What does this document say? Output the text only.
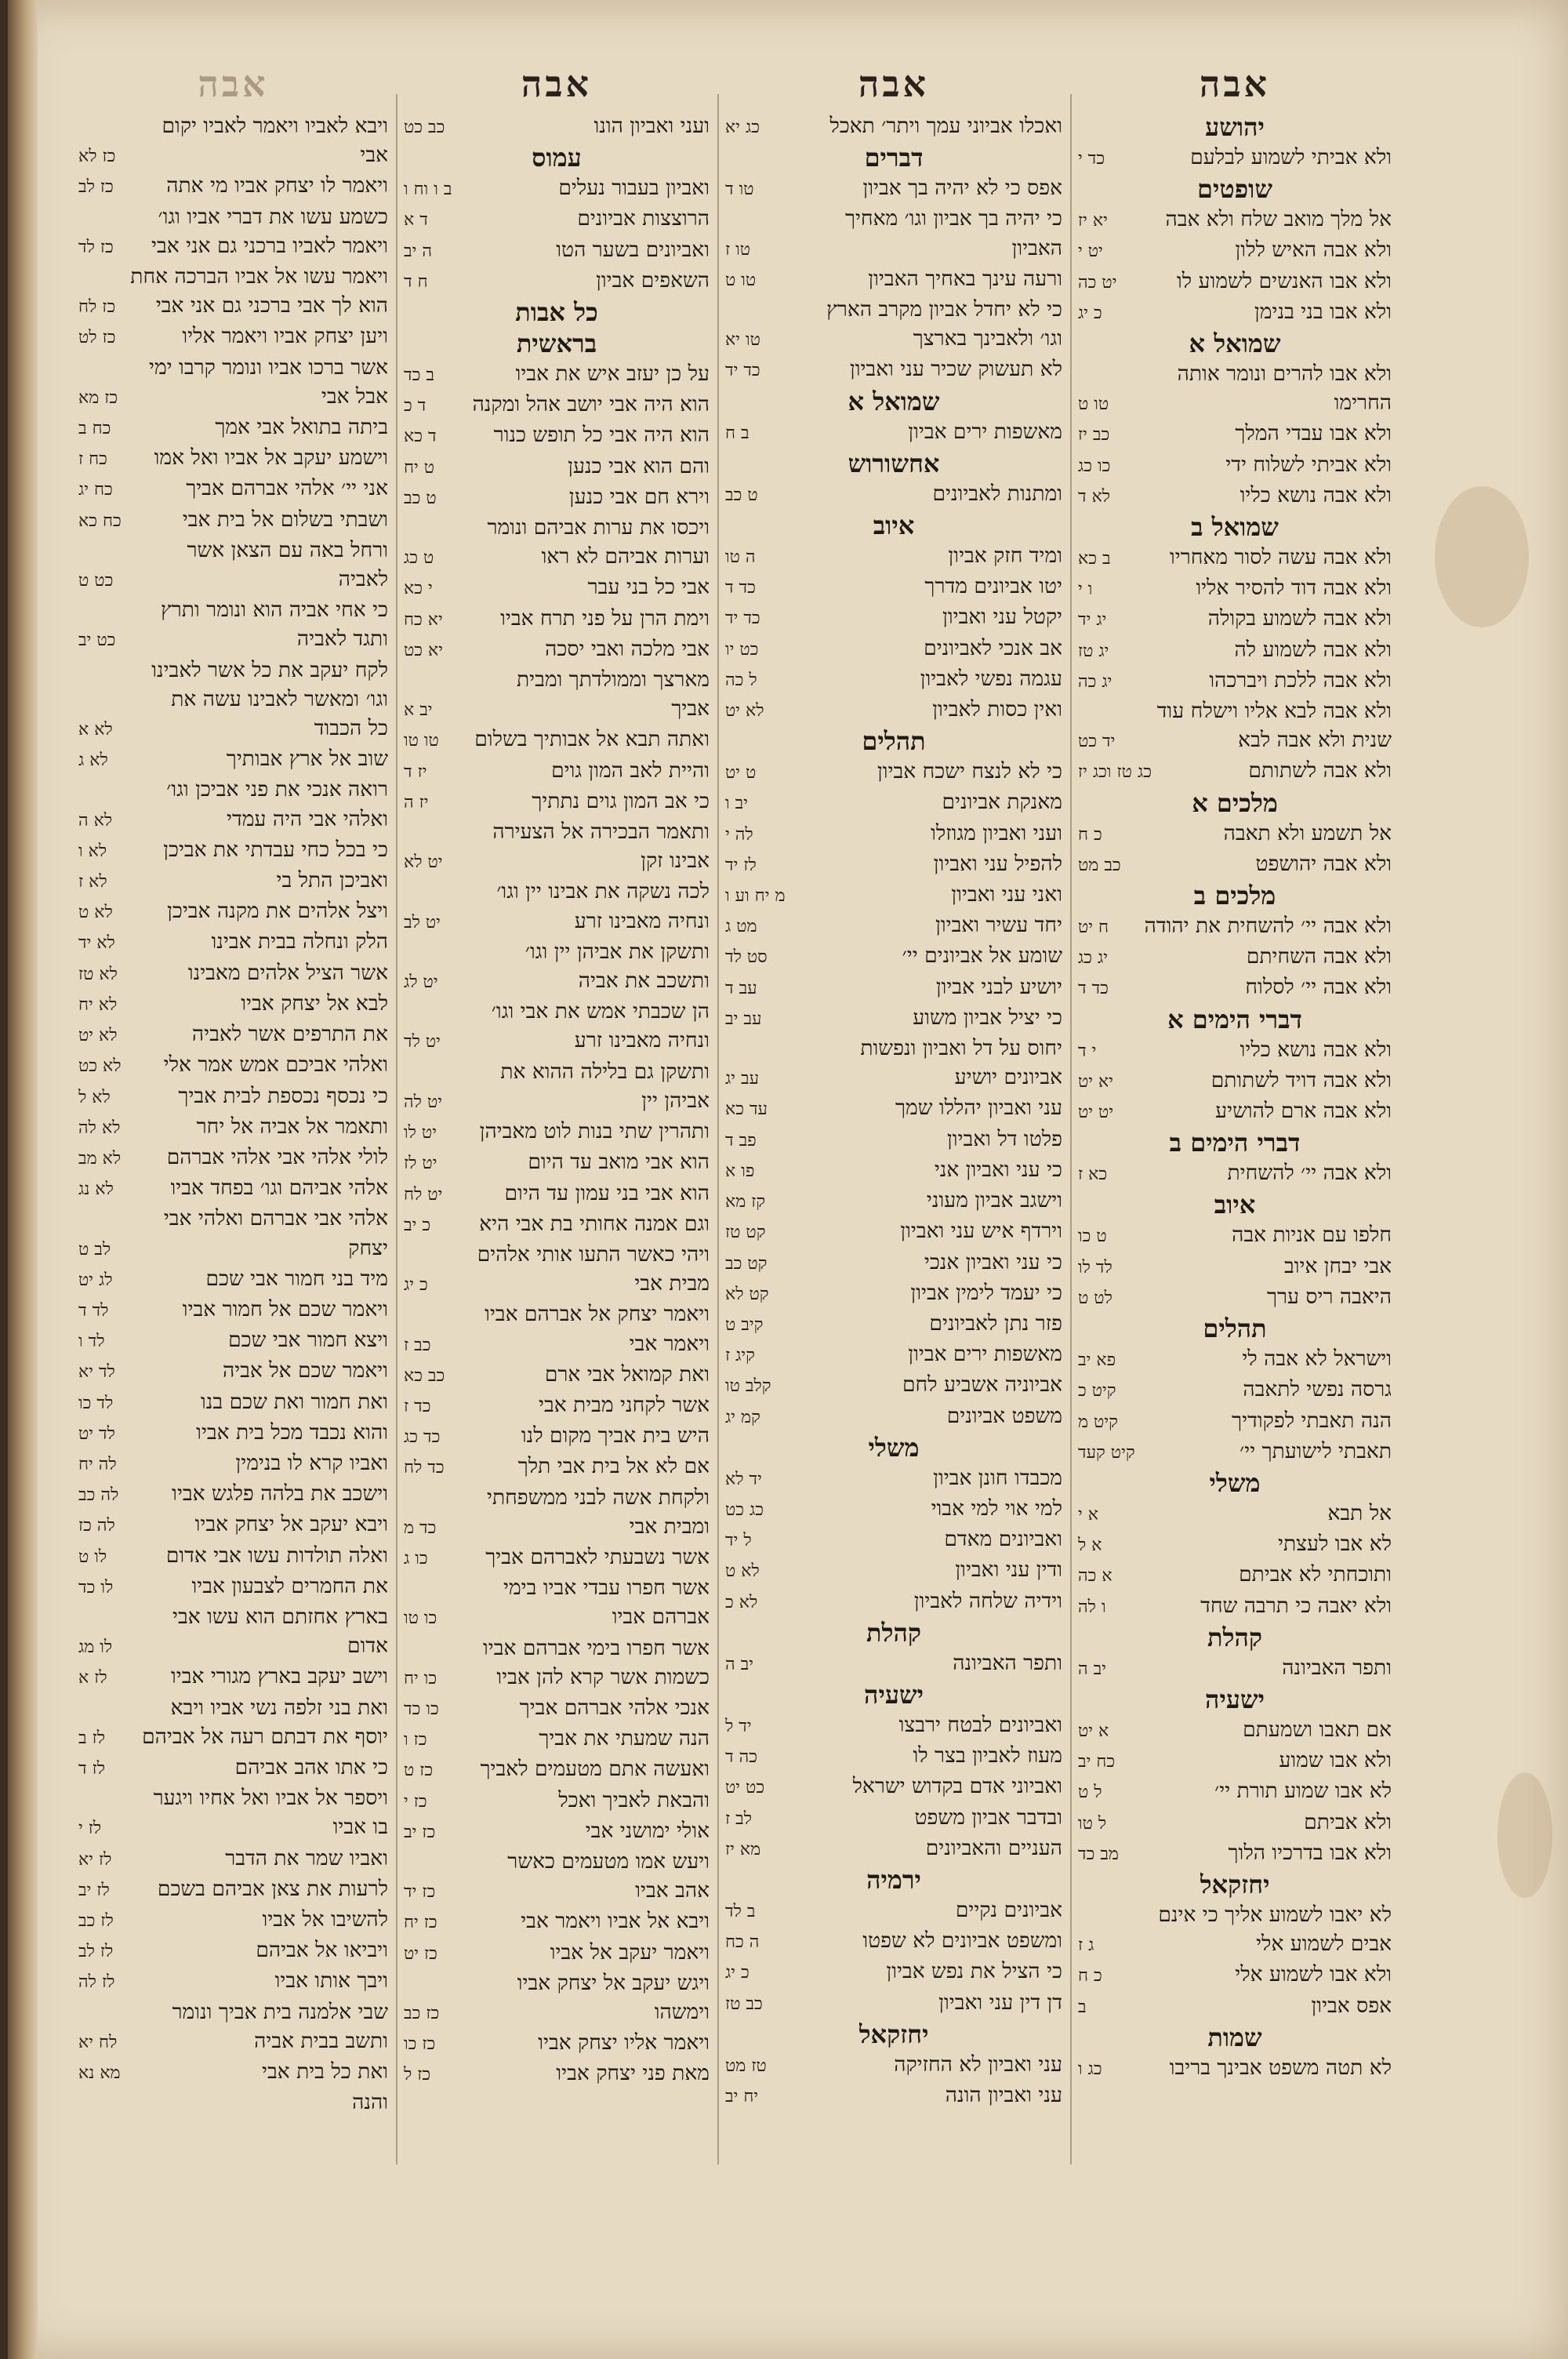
אבה
יהושע
ולא אביתי לשמוע לבלעם
כד י
שופטים
אל מלך מואב שלח ולא אבה
יא יז
ולא אבה האיש ללון
יט י
ולא אבו האנשים לשמוע לו
יט כה
ולא אבו בני בנימן
כ יג
שמואל א
ולא אבו להרים ונומר אותה
החרימו
טו ט
ולא אבו עבדי המלך
כב יז
ולא אביתי לשלוח ידי
כו כג
ולא אבה נושא כליו
לא ד
שמואל ב
ולא אבה עשה לסור מאחריו
ב כא
ולא אבה דוד להסיר אליו
ו י
ולא אבה לשמוע בקולה
יג יד
ולא אבה לשמוע לה
יג טז
ולא אבה ללכת ויברכהו
יג כה
ולא אבה לבא אליו וישלח עוד
שנית ולא אבה לבא
יד כט
ולא אבה לשתותם
כג טז וכג יז
מלכים א
אל תשמע ולא תאבה
כ ח
ולא אבה יהושפט
כב מט
מלכים ב
ולא אבה יי׳ להשחית את יהודה
ח יט
ולא אבה השחיתם
יג כג
ולא אבה יי׳ לסלוח
כד ד
דברי הימים א
ולא אבה נושא כליו
י ד
ולא אבה דויד לשתותם
יא יט
ולא אבה ארם להושיע
יט יט
דברי הימים ב
ולא אבה יי׳ להשחית
כא ז
איוב
חלפו עם אניות אבה
ט כו
אבי יבחן איוב
לד לו
היאבה ריס ערך
לט ט
תהלים
וישראל לא אבה לי
פא יב
גרסה נפשי לתאבה
קיט כ
הנה תאבתי לפקודיך
קיט מ
תאבתי לישועתך יי׳
קיט קעד
משלי
אל תבא
א י
לא אבו לעצתי
א ל
ותוכחתי לא אביתם
א כה
ולא יאבה כי תרבה שחד
ו לה
קהלת
ותפר האביונה
יב ה
ישעיה
אם תאבו ושמעתם
א יט
ולא אבו שמוע
כח יב
לא אבו שמוע תורת יי׳
ל ט
ולא אביתם
ל טו
ולא אבו בדרכיו הלוך
מב כד
יחזקאל
לא יאבו לשמוע אליך כי אינם
אבים לשמוע אלי
ג ז
ולא אבו לשמוע אלי
כ ח
אפס אביון
ב
שמות
לא תטה משפט אבינך בריבו
כג ו
אבה
ואכלו אביוני עמך ויתר׳ תאכל
כג יא
דברים
אפס כי לא יהיה בך אביון
טו ד
כי יהיה בך אביון וגו׳ מאחיך
האביון
טו ז
ורעה עינך באחיך האביון
טו ט
כי לא יחדל אביון מקרב הארץ
וגו׳ ולאבינך בארצך
טו יא
לא תעשוק שכיר עני ואביון
כד יד
שמואל א
מאשפות ירים אביון
ב ח
אחשורוש
ומתנות לאביונים
ט כב
איוב
ומיד חזק אביון
ה טו
יטו אביונים מדרך
כד ד
יקטל עני ואביון
כד יד
אב אנכי לאביונים
כט יו
עגמה נפשי לאביון
ל כה
ואין כסות לאביון
לא יט
תהלים
כי לא לנצח ישכח אביון
ט יט
מאנקת אביונים
יב ו
ועני ואביון מגוזלו
לה י
להפיל עני ואביון
לז יד
ואני עני ואביון
מ יח וע ו
יחד עשיר ואביון
מט ג
שומע אל אביונים יי׳
סט לד
יושיע לבני אביון
עב ד
כי יציל אביון משוע
עב יב
יחוס על דל ואביון ונפשות
אביונים יושיע
עב יג
עני ואביון יהללו שמך
עד כא
פלטו דל ואביון
פב ד
כי עני ואביון אני
פו א
וישגב אביון מעוני
קז מא
וירדף איש עני ואביון
קט טז
כי עני ואביון אנכי
קט כב
כי יעמד לימין אביון
קט לא
פזר נתן לאביונים
קיב ט
מאשפות ירים אביון
קיג ז
אביוניה אשביע לחם
קלב טו
משפט אביונים
קמ יג
משלי
מכבדו חונן אביון
יד לא
למי אוי למי אבוי
כג כט
ואביונים מאדם
ל יד
ודין עני ואביון
לא ט
וידיה שלחה לאביון
לא כ
קהלת
ותפר האביונה
יב ה
ישעיה
ואביונים לבטח ירבצו
יד ל
מעוז לאביון בצר לו
כה ד
ואביוני אדם בקדוש ישראל
כט יט
ובדבר אביון משפט
לב ז
העניים והאביונים
מא יז
ירמיה
אביונים נקיים
ב לד
ומשפט אביונים לא שפטו
ה כח
כי הציל את נפש אביון
כ יג
דן דין עני ואביון
כב טז
יחזקאל
עני ואביון לא החזיקה
טז מט
עני ואביון הונה
יח יב
אבה
ועני ואביון הונו
כב כט
עמוס
ואביון בעבור נעלים
ב ו וח ו
הרוצצות אביונים
ד א
ואביונים בשער הטו
ה יב
השאפים אביון
ח ד
כל אבות
בראשית
על כן יעזב איש את אביו
ב כד
הוא היה אבי יושב אהל ומקנה
ד כ
הוא היה אבי כל תופש כנור
ד כא
והם הוא אבי כנען
ט יח
וירא חם אבי כנען
ט כב
ויכסו את ערות אביהם ונומר
וערות אביהם לא ראו
ט כג
אבי כל בני עבר
י כא
וימת הרן על פני תרח אביו
יא כח
אבי מלכה ואבי יסכה
יא כט
מארצך וממולדתך ומבית
אביך
יב א
ואתה תבא אל אבותיך בשלום
טו טו
והיית לאב המון גוים
יז ד
כי אב המון גוים נתתיך
יז ה
ותאמר הבכירה אל הצעירה
אבינו זקן
יט לא
לכה נשקה את אבינו יין וגו׳
ונחיה מאבינו זרע
יט לב
ותשקן את אביהן יין וגו׳
ותשכב את אביה
יט לג
הן שכבתי אמש את אבי וגו׳
ונחיה מאבינו זרע
יט לד
ותשקן גם בלילה ההוא את
אביהן יין
יט לה
ותהרין שתי בנות לוט מאביהן
יט לו
הוא אבי מואב עד היום
יט לז
הוא אבי בני עמון עד היום
יט לח
וגם אמנה אחותי בת אבי היא
כ יב
ויהי כאשר התעו אותי אלהים
מבית אבי
כ יג
ויאמר יצחק אל אברהם אביו
ויאמר אבי
כב ז
ואת קמואל אבי ארם
כב כא
אשר לקחני מבית אבי
כד ז
היש בית אביך מקום לנו
כד כג
אם לא אל בית אבי תלך
כד לח
ולקחת אשה לבני ממשפחתי
ומבית אבי
כד מ
אשר נשבעתי לאברהם אביך
כו ג
אשר חפרו עבדי אביו בימי
אברהם אביו
כו טו
אשר חפרו בימי אברהם אביו
כשמות אשר קרא להן אביו
כו יח
אנכי אלהי אברהם אביך
כו כד
הנה שמעתי את אביך
כז ו
ואעשה אתם מטעמים לאביך
כז ט
והבאת לאביך ואכל
כז י
אולי ימושני אבי
כז יב
ויעש אמו מטעמים כאשר
אהב אביו
כז יד
ויבא אל אביו ויאמר אבי
כז יח
ויאמר יעקב אל אביו
כז יט
ויגש יעקב אל יצחק אביו
וימשהו
כז כב
ויאמר אליו יצחק אביו
כז כו
מאת פני יצחק אביו
כז ל
אבה
ויבא לאביו ויאמר לאביו יקום
אבי
כז לא
ויאמר לו יצחק אביו מי אתה
כז לב
כשמע עשו את דברי אביו וגו׳
ויאמר לאביו ברכני גם אני אבי
כז לד
ויאמר עשו אל אביו הברכה אחת
הוא לך אבי ברכני גם אני אבי
כז לח
ויען יצחק אביו ויאמר אליו
כז לט
אשר ברכו אביו ונומר קרבו ימי
אבל אבי
כז מא
ביתה בתואל אבי אמך
כח ב
וישמע יעקב אל אביו ואל אמו
כח ז
אני יי׳ אלהי אברהם אביך
כח יג
ושבתי בשלום אל בית אבי
כח כא
ורחל באה עם הצאן אשר
לאביה
כט ט
כי אחי אביה הוא ונומר ותרץ
ותגד לאביה
כט יב
לקח יעקב את כל אשר לאבינו
וגו׳ ומאשר לאבינו עשה את
כל הכבוד
לא א
שוב אל ארץ אבותיך
לא ג
רואה אנכי את פני אביכן וגו׳
ואלהי אבי היה עמדי
לא ה
כי בכל כחי עבדתי את אביכן
לא ו
ואביכן התל בי
לא ז
ויצל אלהים את מקנה אביכן
לא ט
הלק ונחלה בבית אבינו
לא יד
אשר הציל אלהים מאבינו
לא טז
לבא אל יצחק אביו
לא יח
את התרפים אשר לאביה
לא יט
ואלהי אביכם אמש אמר אלי
לא כט
כי נכסף נכספת לבית אביך
לא ל
ותאמר אל אביה אל יחר
לא לה
לולי אלהי אבי אלהי אברהם
לא מב
אלהי אביהם וגו׳ בפחד אביו
לא נג
אלהי אבי אברהם ואלהי אבי
יצחק
לב ט
מיד בני חמור אבי שכם
לג יט
ויאמר שכם אל חמור אביו
לד ד
ויצא חמור אבי שכם
לד ו
ויאמר שכם אל אביה
לד יא
ואת חמור ואת שכם בנו
לד כו
והוא נכבד מכל בית אביו
לד יט
ואביו קרא לו בנימין
לה יח
וישכב את בלהה פלגש אביו
לה כב
ויבא יעקב אל יצחק אביו
לה כז
ואלה תולדות עשו אבי אדום
לו ט
את החמרים לצבעון אביו
לו כד
בארץ אחזתם הוא עשו אבי
אדום
לו מג
וישב יעקב בארץ מגורי אביו
לז א
ואת בני זלפה נשי אביו ויבא
יוסף את דבתם רעה אל אביהם
לז ב
כי אתו אהב אביהם
לז ד
ויספר אל אביו ואל אחיו ויגער
בו אביו
לז י
ואביו שמר את הדבר
לז יא
לרעות את צאן אביהם בשכם
לז יב
להשיבו אל אביו
לז כב
ויביאו אל אביהם
לז לב
ויבך אותו אביו
לז לה
שבי אלמנה בית אביך ונומר
ותשב בבית אביה
לח יא
ואת כל בית אבי
מא נא
והנה
